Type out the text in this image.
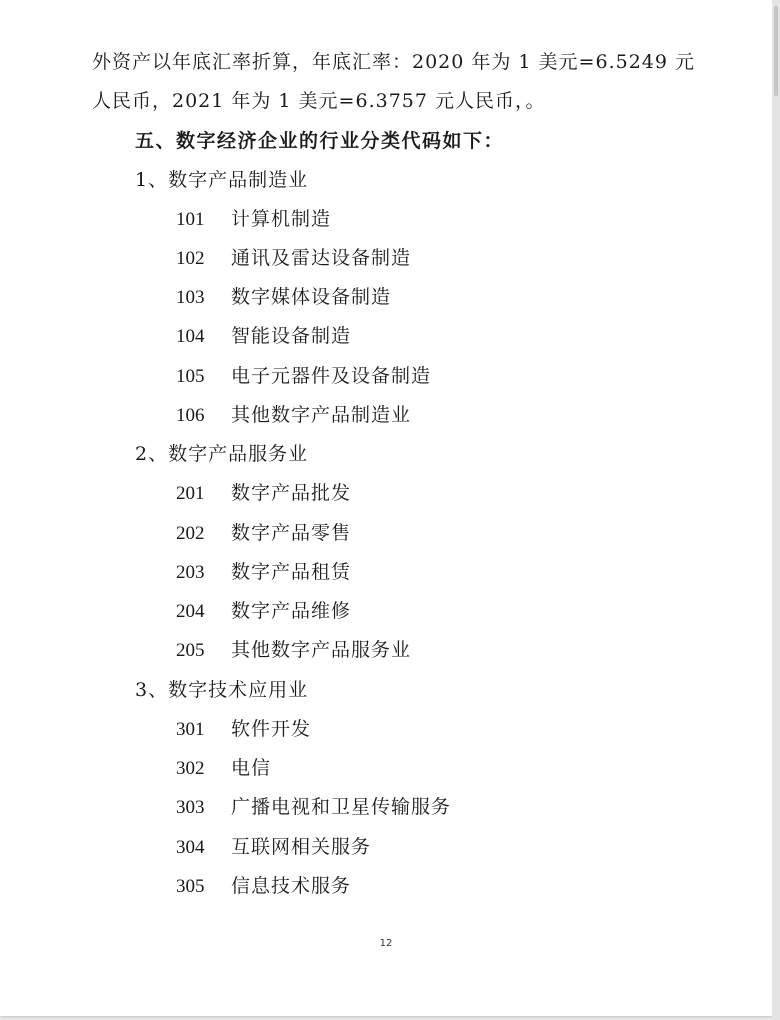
外资产以年底汇率折算，年底汇率：2020 年为 1 美元=6.5249 元
人民币，2021 年为 1 美元=6.3757 元人民币，。
五、数字经济企业的行业分类代码如下：
1、数字产品制造业
101 计算机制造
102 通讯及雷达设备制造
103 数字媒体设备制造
104 智能设备制造
105 电子元器件及设备制造
106 其他数字产品制造业
2、数字产品服务业
201 数字产品批发
202 数字产品零售
203 数字产品租赁
204 数字产品维修
205 其他数字产品服务业
3、数字技术应用业
301 软件开发
302 电信
303 广播电视和卫星传输服务
304 互联网相关服务
305 信息技术服务
12
